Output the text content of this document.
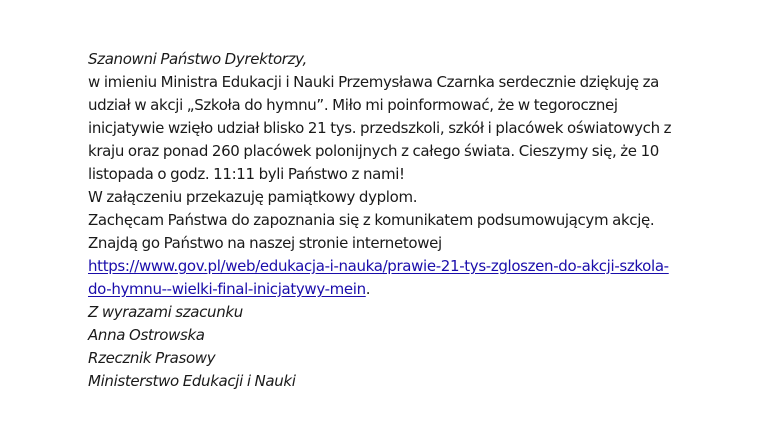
Szanowni Państwo Dyrektorzy,
w imieniu Ministra Edukacji i Nauki Przemysława Czarnka serdecznie dziękuję za
udział w akcji „Szkoła do hymnu”. Miło mi poinformować, że w tegorocznej
inicjatywie wzięło udział blisko 21 tys. przedszkoli, szkół i placówek oświatowych z
kraju oraz ponad 260 placówek polonijnych z całego świata. Cieszymy się, że 10
listopada o godz. 11:11 byli Państwo z nami!
W załączeniu przekazuję pamiątkowy dyplom.
Zachęcam Państwa do zapoznania się z komunikatem podsumowującym akcję.
Znajdą go Państwo na naszej stronie internetowej
https://www.gov.pl/web/edukacja-i-nauka/prawie-21-tys-zgloszen-do-akcji-szkola-
do-hymnu--wielki-final-inicjatywy-mein.
Z wyrazami szacunku
Anna Ostrowska
Rzecznik Prasowy
Ministerstwo Edukacji i Nauki
